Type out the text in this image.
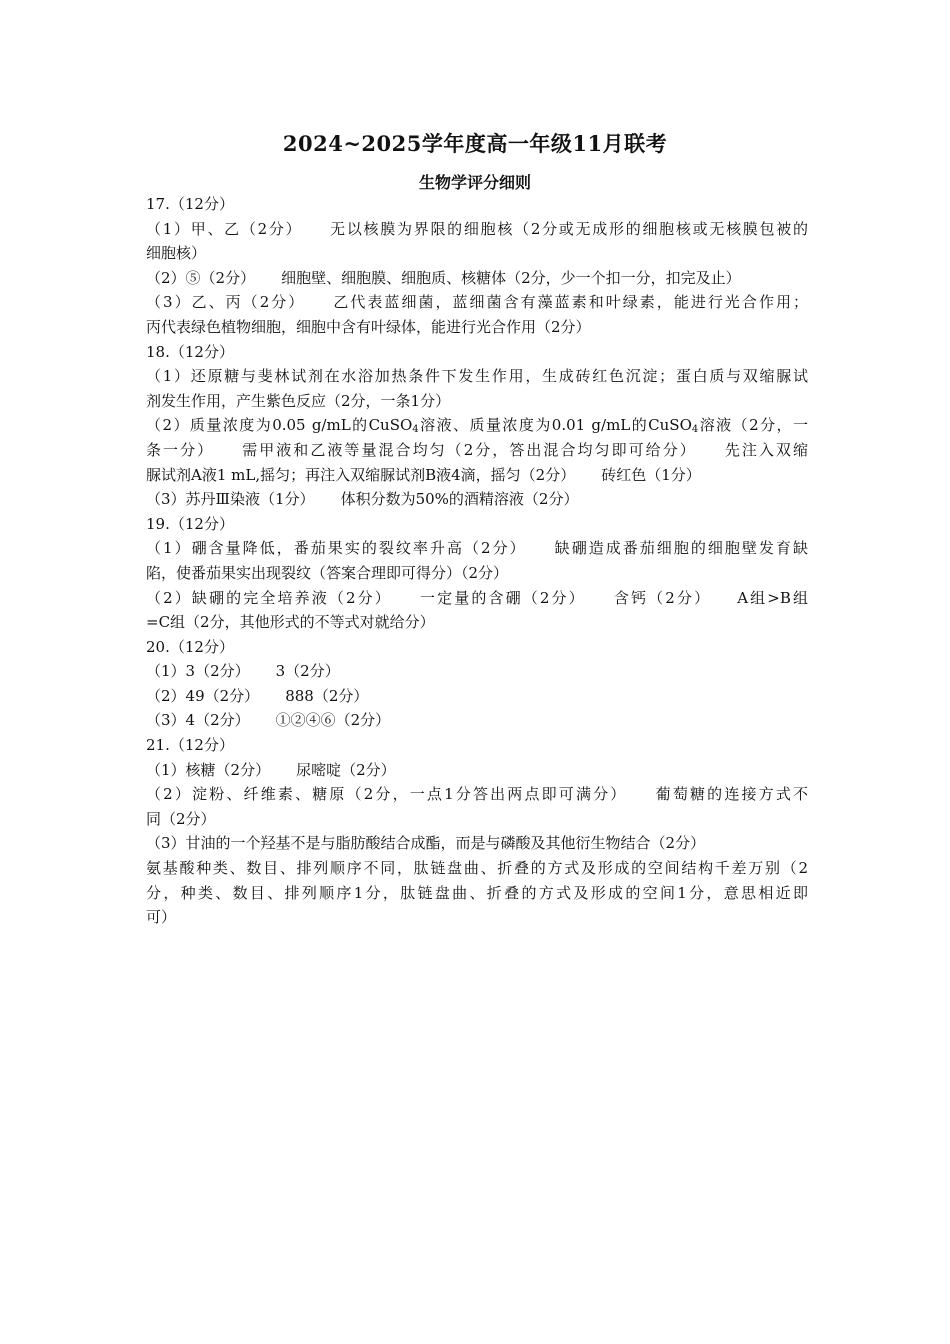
2024~2025学年度高一年级11月联考
生物学评分细则
17.（12分）
（1）甲、乙（2分） 无以核膜为界限的细胞核（2分或无成形的细胞核或无核膜包被的
细胞核）
（2）⑤（2分） 细胞壁、细胞膜、细胞质、核糖体（2分，少一个扣一分，扣完及止）
（3）乙、丙（2分） 乙代表蓝细菌，蓝细菌含有藻蓝素和叶绿素，能进行光合作用；
丙代表绿色植物细胞，细胞中含有叶绿体，能进行光合作用（2分）
18.（12分）
（1）还原糖与斐林试剂在水浴加热条件下发生作用，生成砖红色沉淀；蛋白质与双缩脲试
剂发生作用，产生紫色反应（2分，一条1分）
（2）质量浓度为0.05 g/mL的CuSO$_4$溶液、质量浓度为0.01 g/mL的CuSO$_4$溶液（2分，一
条一分） 需甲液和乙液等量混合均匀（2分，答出混合均匀即可给分） 先注入双缩
脲试剂A液1 mL,摇匀；再注入双缩脲试剂B液4滴，摇匀（2分） 砖红色（1分）
（3）苏丹Ⅲ染液（1分） 体积分数为50%的酒精溶液（2分）
19.（12分）
（1）硼含量降低，番茄果实的裂纹率升高（2分） 缺硼造成番茄细胞的细胞壁发育缺
陷，使番茄果实出现裂纹（答案合理即可得分）（2分）
（2）缺硼的完全培养液（2分） 一定量的含硼（2分） 含钙（2分） A组>B组
=C组（2分，其他形式的不等式对就给分）
20.（12分）
（1）3（2分） 3（2分）
（2）49（2分） 888（2分）
（3）4（2分） ①②④⑥（2分）
21.（12分）
（1）核糖（2分） 尿嘧啶（2分）
（2）淀粉、纤维素、糖原（2分，一点1分答出两点即可满分） 葡萄糖的连接方式不
同（2分）
（3）甘油的一个羟基不是与脂肪酸结合成酯，而是与磷酸及其他衍生物结合（2分）
氨基酸种类、数目、排列顺序不同，肽链盘曲、折叠的方式及形成的空间结构千差万别（2
分，种类、数目、排列顺序1分，肽链盘曲、折叠的方式及形成的空间1分，意思相近即
可）
